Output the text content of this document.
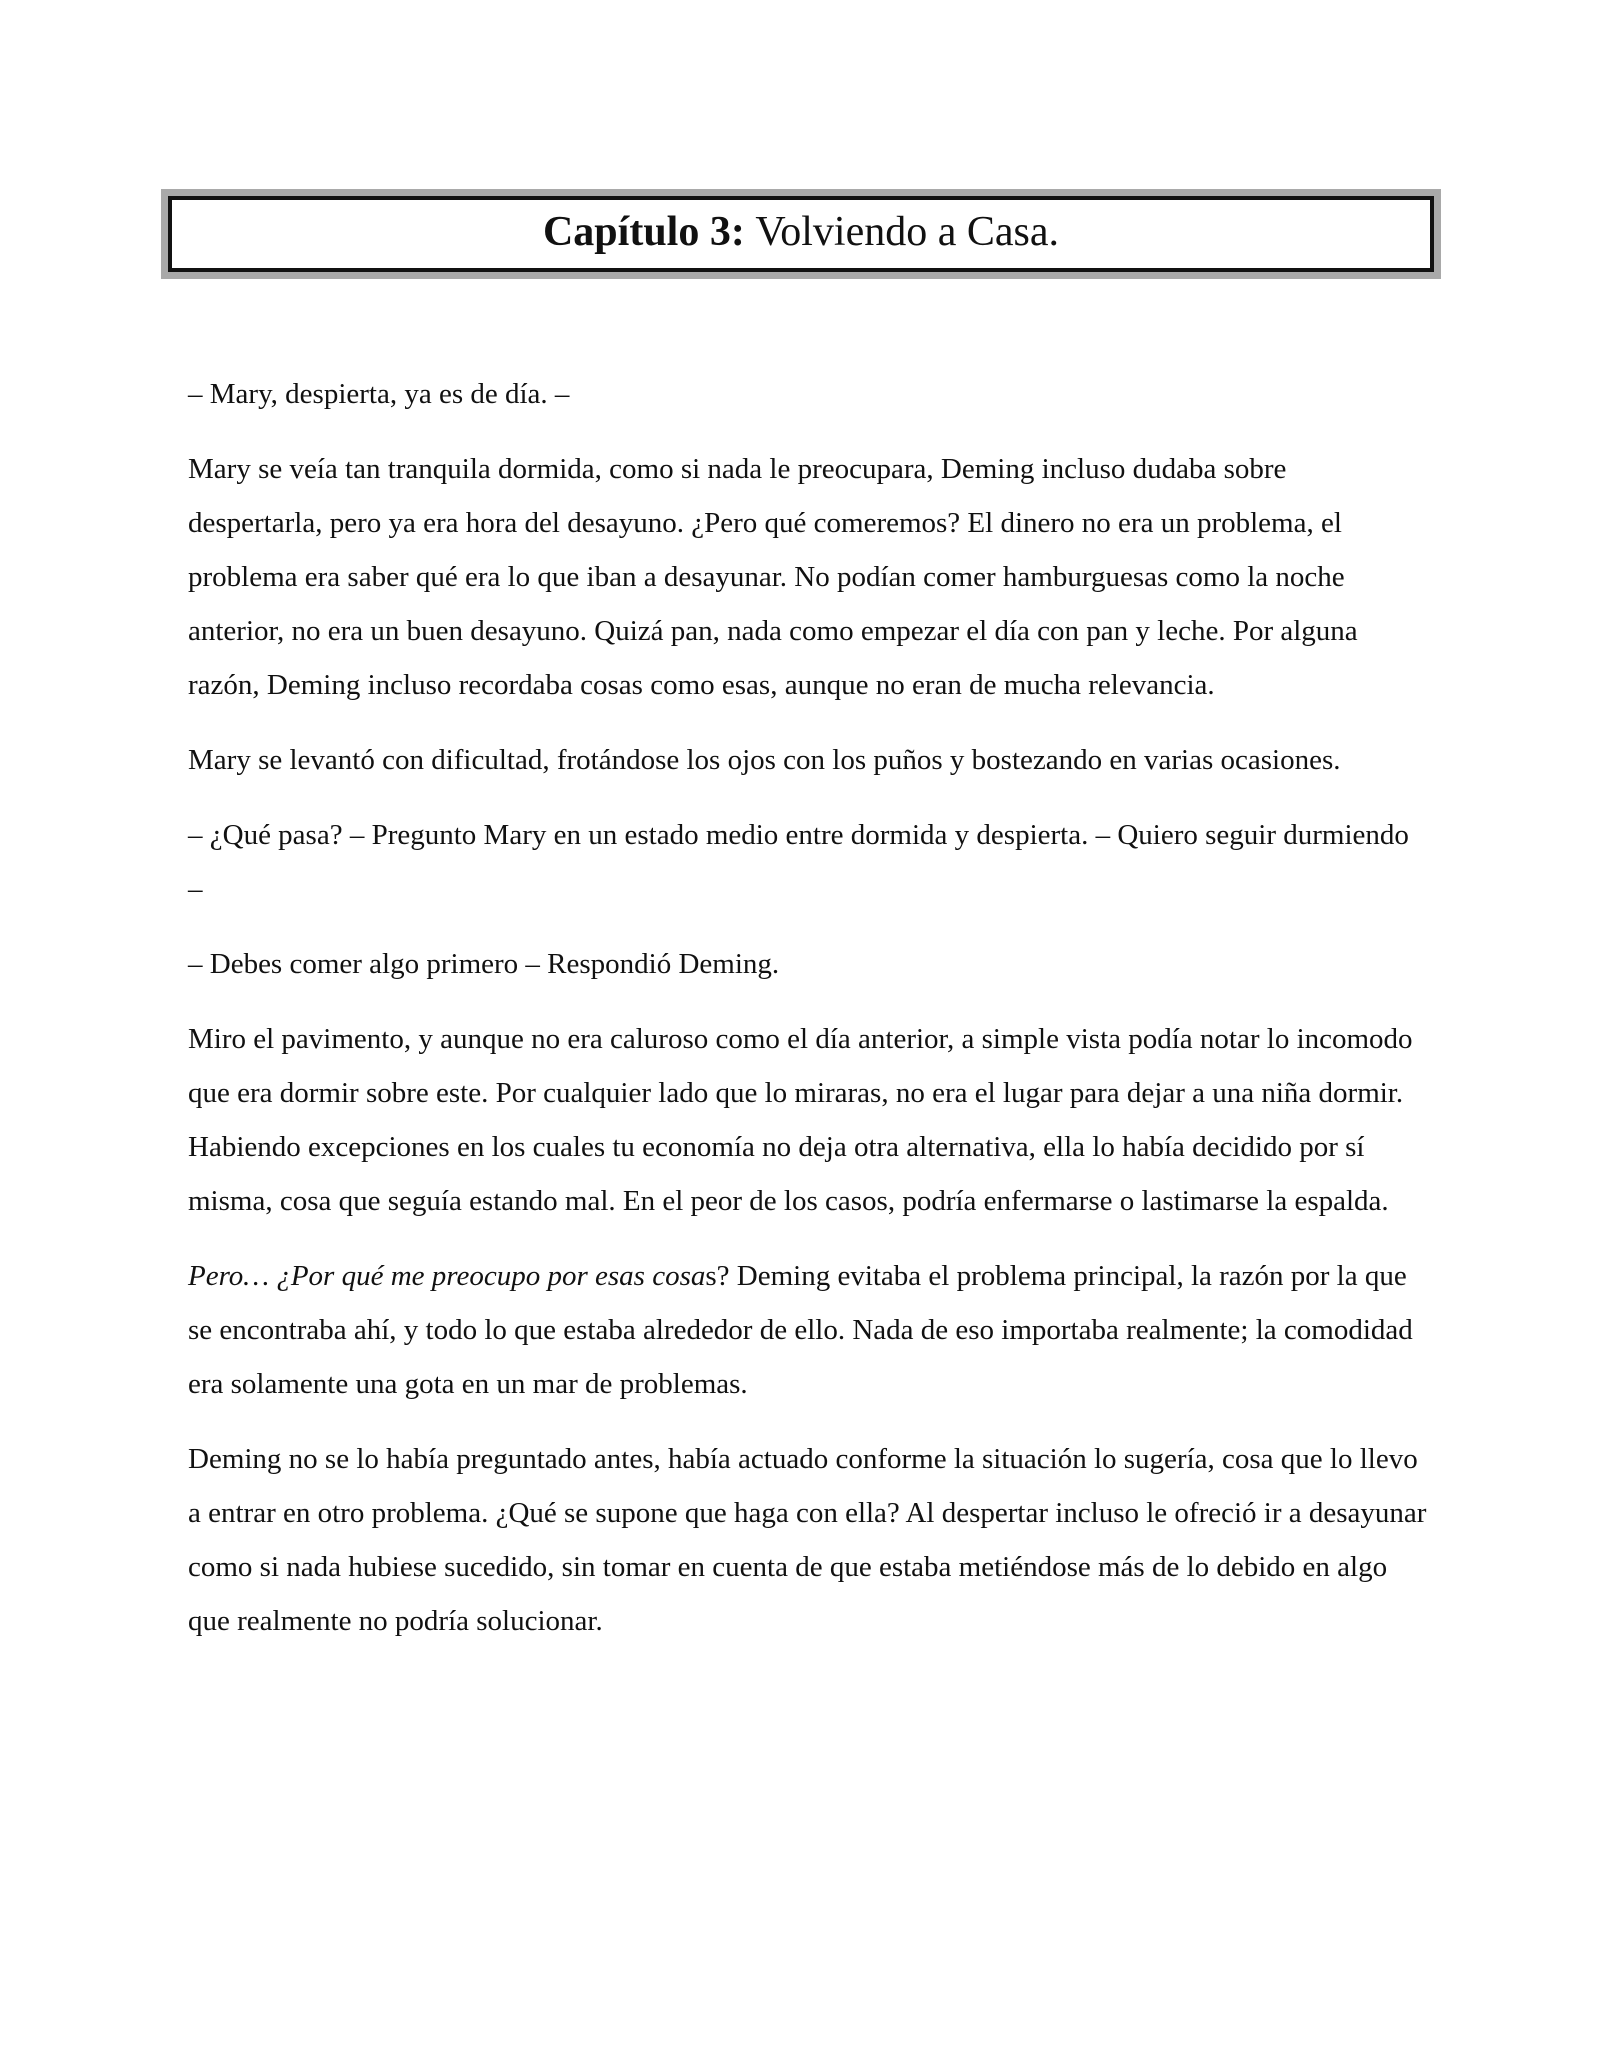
Capítulo 3:
Volviendo a Casa.

– Mary, despierta, ya es de día. –

Mary se veía tan tranquila dormida, como si nada le preocupara, Deming incluso dudaba sobre despertarla, pero ya era hora del desayuno. ¿Pero qué comeremos? El dinero no era un problema, el problema era saber qué era lo que iban a desayunar. No podían comer hamburguesas como la noche anterior, no era un buen desayuno. Quizá pan, nada como empezar el día con pan y leche. Por alguna razón, Deming incluso recordaba cosas como esas, aunque no eran de mucha relevancia.

Mary se levantó con dificultad, frotándose los ojos con los puños y bostezando en varias ocasiones.

– ¿Qué pasa? – Pregunto Mary en un estado medio entre dormida y despierta. – Quiero seguir durmiendo –

– Debes comer algo primero – Respondió Deming.

Miro el pavimento, y aunque no era caluroso como el día anterior, a simple vista podía notar lo incomodo que era dormir sobre este. Por cualquier lado que lo miraras, no era el lugar para dejar a una niña dormir. Habiendo excepciones en los cuales tu economía no deja otra alternativa, ella lo había decidido por sí misma, cosa que seguía estando mal. En el peor de los casos, podría enfermarse o lastimarse la espalda.

Pero… ¿Por qué me preocupo por esas cosas? Deming evitaba el problema principal, la razón por la que se encontraba ahí, y todo lo que estaba alrededor de ello. Nada de eso importaba realmente; la comodidad era solamente una gota en un mar de problemas.

Deming no se lo había preguntado antes, había actuado conforme la situación lo sugería, cosa que lo llevo a entrar en otro problema. ¿Qué se supone que haga con ella? Al despertar incluso le ofreció ir a desayunar como si nada hubiese sucedido, sin tomar en cuenta de que estaba metiéndose más de lo debido en algo que realmente no podría solucionar.
